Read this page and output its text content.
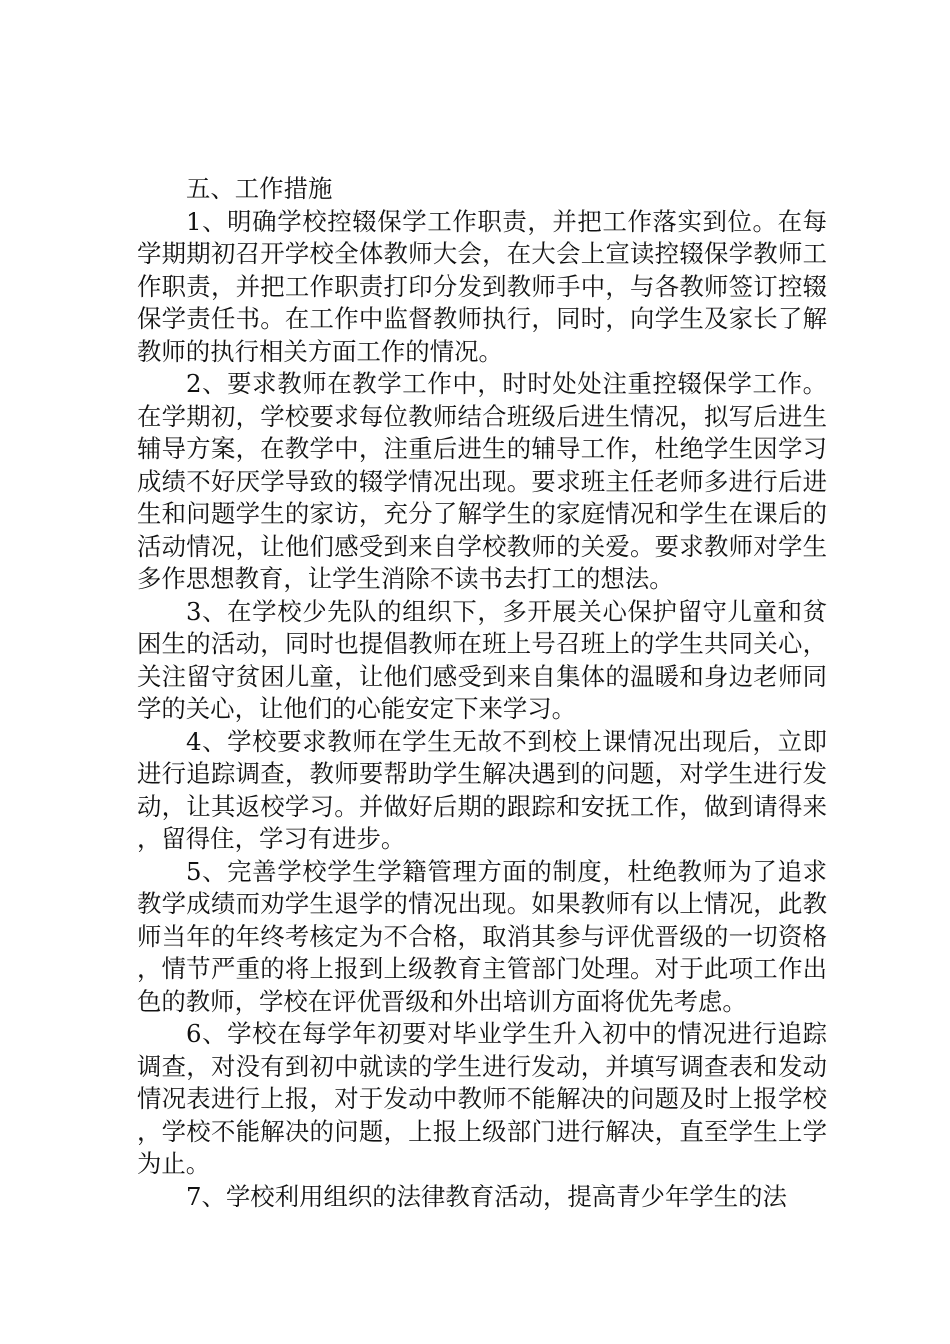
五、工作措施

1、明确学校控辍保学工作职责，并把工作落实到位。在每学期期初召开学校全体教师大会，在大会上宣读控辍保学教师工作职责，并把工作职责打印分发到教师手中，与各教师签订控辍保学责任书。在工作中监督教师执行，同时，向学生及家长了解教师的执行相关方面工作的情况。

2、要求教师在教学工作中，时时处处注重控辍保学工作。在学期初，学校要求每位教师结合班级后进生情况，拟写后进生辅导方案，在教学中，注重后进生的辅导工作，杜绝学生因学习成绩不好厌学导致的辍学情况出现。要求班主任老师多进行后进生和问题学生的家访，充分了解学生的家庭情况和学生在课后的活动情况，让他们感受到来自学校教师的关爱。要求教师对学生多作思想教育，让学生消除不读书去打工的想法。

3、在学校少先队的组织下，多开展关心保护留守儿童和贫困生的活动，同时也提倡教师在班上号召班上的学生共同关心，关注留守贫困儿童，让他们感受到来自集体的温暖和身边老师同学的关心，让他们的心能安定下来学习。

4、学校要求教师在学生无故不到校上课情况出现后，立即进行追踪调查，教师要帮助学生解决遇到的问题，对学生进行发动，让其返校学习。并做好后期的跟踪和安抚工作，做到请得来，留得住，学习有进步。

5、完善学校学生学籍管理方面的制度，杜绝教师为了追求教学成绩而劝学生退学的情况出现。如果教师有以上情况，此教师当年的年终考核定为不合格，取消其参与评优晋级的一切资格，情节严重的将上报到上级教育主管部门处理。对于此项工作出色的教师，学校在评优晋级和外出培训方面将优先考虑。

6、学校在每学年初要对毕业学生升入初中的情况进行追踪调查，对没有到初中就读的学生进行发动，并填写调查表和发动情况表进行上报，对于发动中教师不能解决的问题及时上报学校，学校不能解决的问题，上报上级部门进行解决，直至学生上学为止。

7、学校利用组织的法律教育活动，提高青少年学生的法
